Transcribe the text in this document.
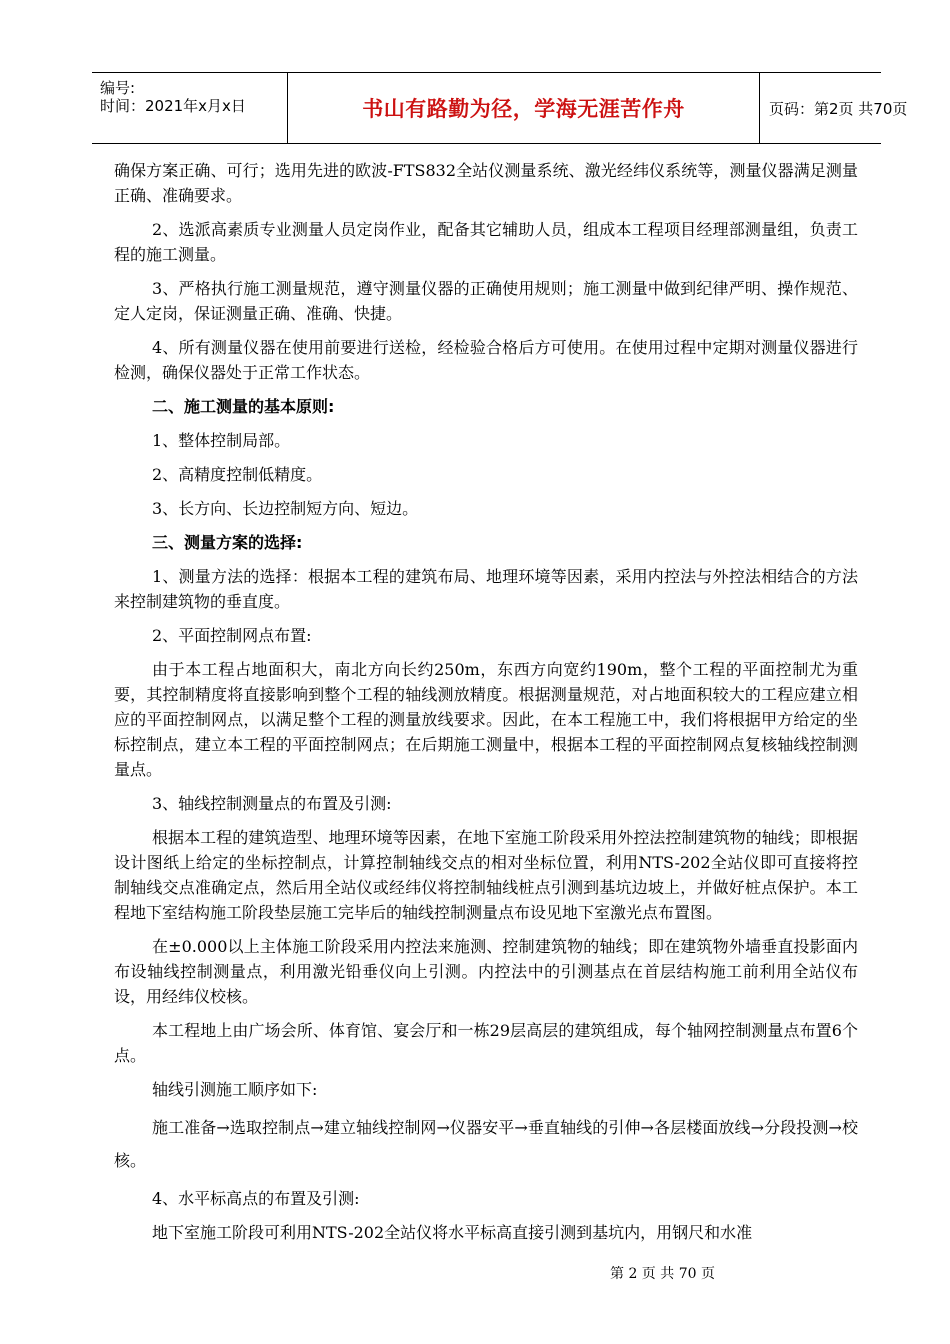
编号:
时间：2021年x月x日	书山有路勤为径，学海无涯苦作舟	页码：第2页 共70页

确保方案正确、可行；选用先进的欧波-FTS832全站仪测量系统、激光经纬仪系统等，测量仪器满足测量正确、准确要求。

2、选派高素质专业测量人员定岗作业，配备其它辅助人员，组成本工程项目经理部测量组，负责工程的施工测量。

3、严格执行施工测量规范，遵守测量仪器的正确使用规则；施工测量中做到纪律严明、操作规范、定人定岗，保证测量正确、准确、快捷。

4、所有测量仪器在使用前要进行送检，经检验合格后方可使用。在使用过程中定期对测量仪器进行检测，确保仪器处于正常工作状态。

二、施工测量的基本原则:

1、整体控制局部。

2、高精度控制低精度。

3、长方向、长边控制短方向、短边。

三、测量方案的选择:

1、测量方法的选择：根据本工程的建筑布局、地理环境等因素，采用内控法与外控法相结合的方法来控制建筑物的垂直度。

2、平面控制网点布置:

由于本工程占地面积大，南北方向长约250m，东西方向宽约190m，整个工程的平面控制尤为重要，其控制精度将直接影响到整个工程的轴线测放精度。根据测量规范，对占地面积较大的工程应建立相应的平面控制网点，以满足整个工程的测量放线要求。因此，在本工程施工中，我们将根据甲方给定的坐标控制点，建立本工程的平面控制网点；在后期施工测量中，根据本工程的平面控制网点复核轴线控制测量点。

3、轴线控制测量点的布置及引测:

根据本工程的建筑造型、地理环境等因素，在地下室施工阶段采用外控法控制建筑物的轴线；即根据设计图纸上给定的坐标控制点，计算控制轴线交点的相对坐标位置，利用NTS-202全站仪即可直接将控制轴线交点准确定点，然后用全站仪或经纬仪将控制轴线桩点引测到基坑边坡上，并做好桩点保护。本工程地下室结构施工阶段垫层施工完毕后的轴线控制测量点布设见地下室激光点布置图。

在±0.000以上主体施工阶段采用内控法来施测、控制建筑物的轴线；即在建筑物外墙垂直投影面内布设轴线控制测量点，利用激光铅垂仪向上引测。内控法中的引测基点在首层结构施工前利用全站仪布设，用经纬仪校核。

本工程地上由广场会所、体育馆、宴会厅和一栋29层高层的建筑组成，每个轴网控制测量点布置6个点。

轴线引测施工顺序如下:

施工准备→选取控制点→建立轴线控制网→仪器安平→垂直轴线的引伸→各层楼面放线→分段投测→校核。

4、水平标高点的布置及引测:

地下室施工阶段可利用NTS-202全站仪将水平标高直接引测到基坑内，用钢尺和水准

第 2 页 共 70 页
